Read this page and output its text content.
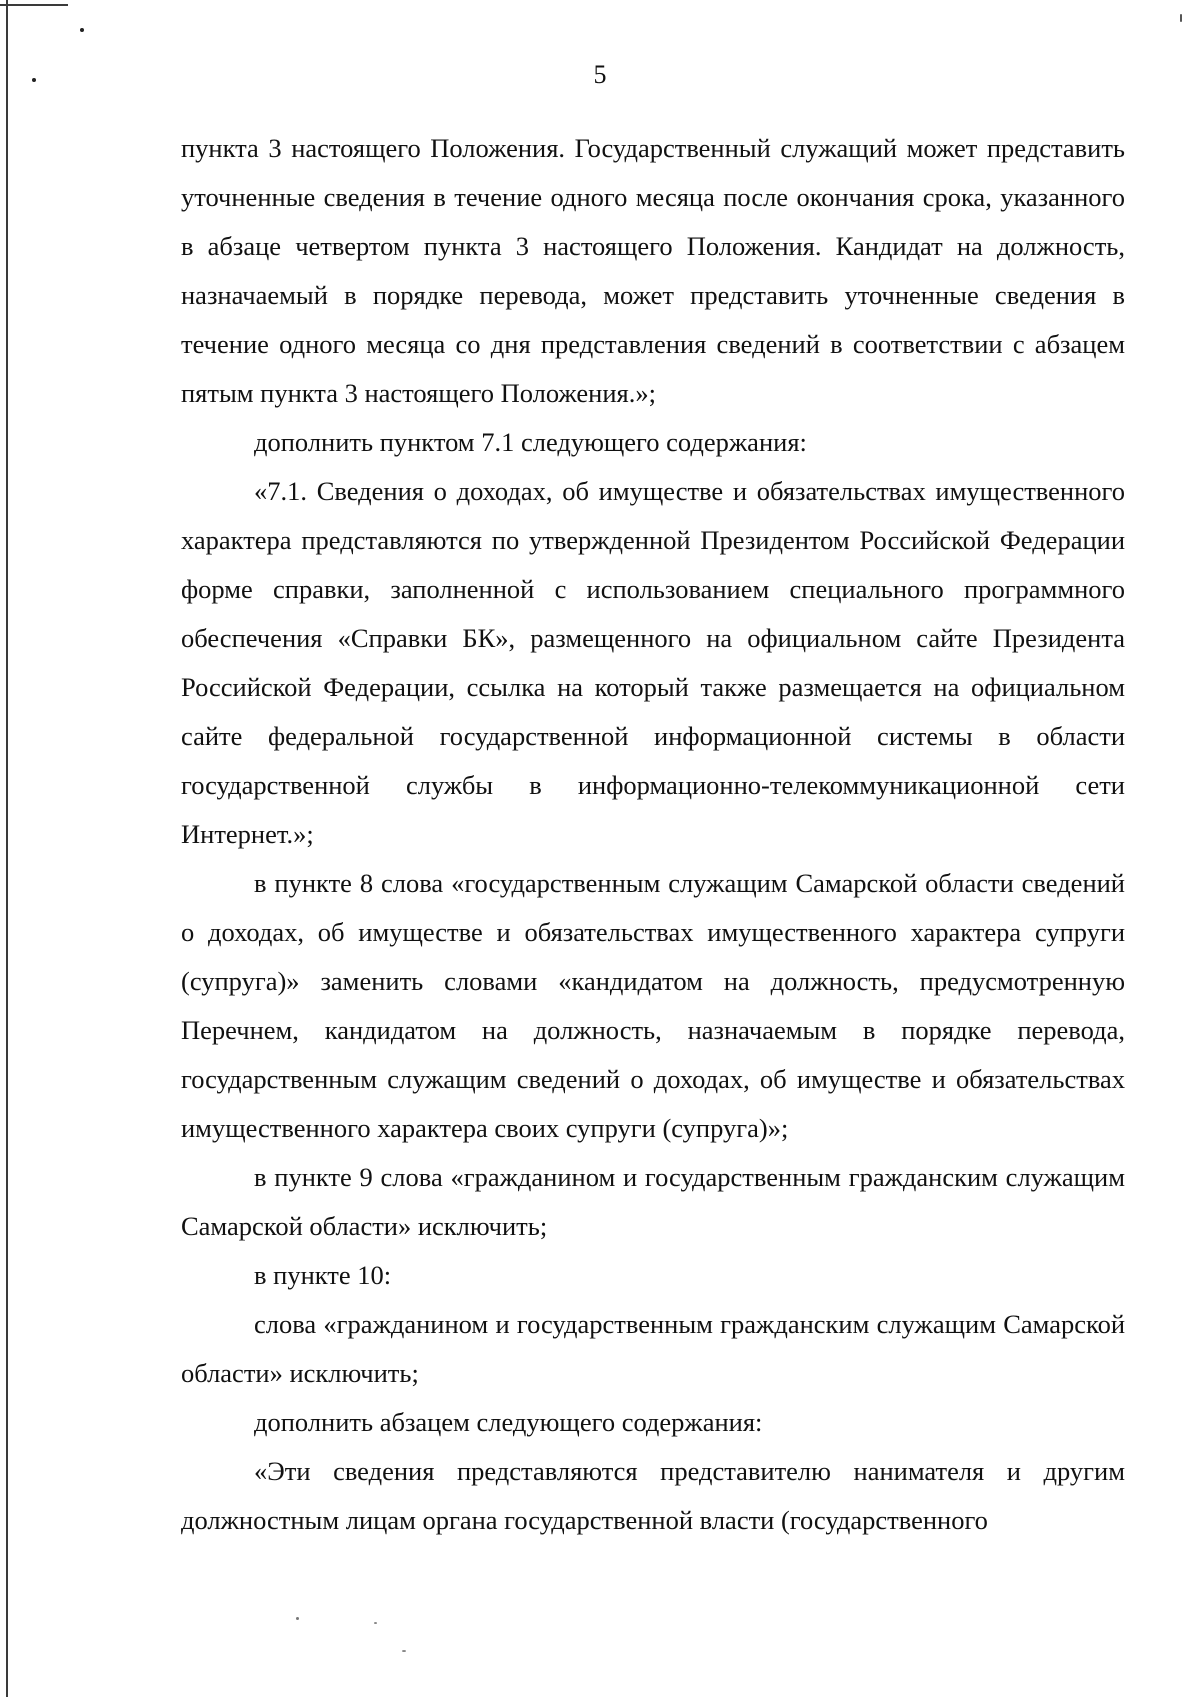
5

пункта 3 настоящего Положения. Государственный служащий может представить уточненные сведения в течение одного месяца после окончания срока, указанного в абзаце четвертом пункта 3 настоящего Положения. Кандидат на должность, назначаемый в порядке перевода, может представить уточненные сведения в течение одного месяца со дня представления сведений в соответствии с абзацем пятым пункта 3 настоящего Положения.»;

дополнить пунктом 7.1 следующего содержания:

«7.1. Сведения о доходах, об имуществе и обязательствах имущественного характера представляются по утвержденной Президентом Российской Федерации форме справки, заполненной с использованием специального программного обеспечения «Справки БК», размещенного на официальном сайте Президента Российской Федерации, ссылка на который также размещается на официальном сайте федеральной государственной информационной системы в области государственной службы в информационно-телекоммуникационной сети Интернет.»;

в пункте 8 слова «государственным служащим Самарской области сведений о доходах, об имуществе и обязательствах имущественного характера супруги (супруга)» заменить словами «кандидатом на должность, предусмотренную Перечнем, кандидатом на должность, назначаемым в порядке перевода, государственным служащим сведений о доходах, об имуществе и обязательствах имущественного характера своих супруги (супруга)»;

в пункте 9 слова «гражданином и государственным гражданским служащим Самарской области» исключить;

в пункте 10:

слова «гражданином и государственным гражданским служащим Самарской области» исключить;

дополнить абзацем следующего содержания:

«Эти сведения представляются представителю нанимателя и другим должностным лицам органа государственной власти (государственного
